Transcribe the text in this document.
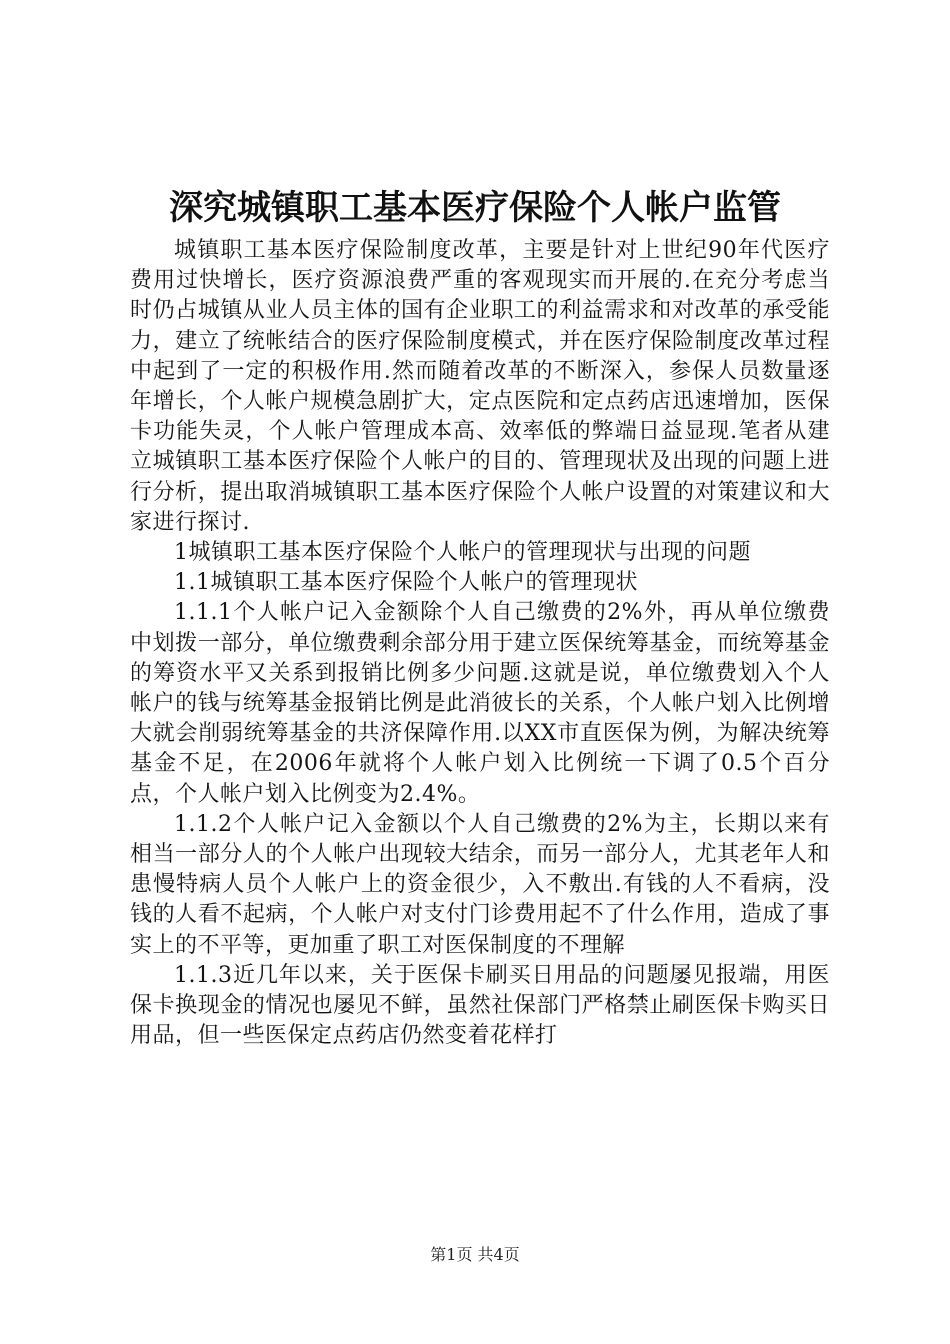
深究城镇职工基本医疗保险个人帐户监管

城镇职工基本医疗保险制度改革，主要是针对上世纪90年代医疗费用过快增长，医疗资源浪费严重的客观现实而开展的.在充分考虑当时仍占城镇从业人员主体的国有企业职工的利益需求和对改革的承受能力，建立了统帐结合的医疗保险制度模式，并在医疗保险制度改革过程中起到了一定的积极作用.然而随着改革的不断深入，参保人员数量逐年增长，个人帐户规模急剧扩大，定点医院和定点药店迅速增加，医保卡功能失灵，个人帐户管理成本高、效率低的弊端日益显现.笔者从建立城镇职工基本医疗保险个人帐户的目的、管理现状及出现的问题上进行分析，提出取消城镇职工基本医疗保险个人帐户设置的对策建议和大家进行探讨.

1城镇职工基本医疗保险个人帐户的管理现状与出现的问题

1.1城镇职工基本医疗保险个人帐户的管理现状

1.1.1个人帐户记入金额除个人自己缴费的2%外，再从单位缴费中划拨一部分，单位缴费剩余部分用于建立医保统筹基金，而统筹基金的筹资水平又关系到报销比例多少问题.这就是说，单位缴费划入个人帐户的钱与统筹基金报销比例是此消彼长的关系，个人帐户划入比例增大就会削弱统筹基金的共济保障作用.以XX市直医保为例，为解决统筹基金不足，在2006年就将个人帐户划入比例统一下调了0.5个百分点，个人帐户划入比例变为2.4%。

1.1.2个人帐户记入金额以个人自己缴费的2%为主，长期以来有相当一部分人的个人帐户出现较大结余，而另一部分人，尤其老年人和患慢特病人员个人帐户上的资金很少，入不敷出.有钱的人不看病，没钱的人看不起病，个人帐户对支付门诊费用起不了什么作用，造成了事实上的不平等，更加重了职工对医保制度的不理解

1.1.3近几年以来，关于医保卡刷买日用品的问题屡见报端，用医保卡换现金的情况也屡见不鲜，虽然社保部门严格禁止刷医保卡购买日用品，但一些医保定点药店仍然变着花样打

第1页 共4页
